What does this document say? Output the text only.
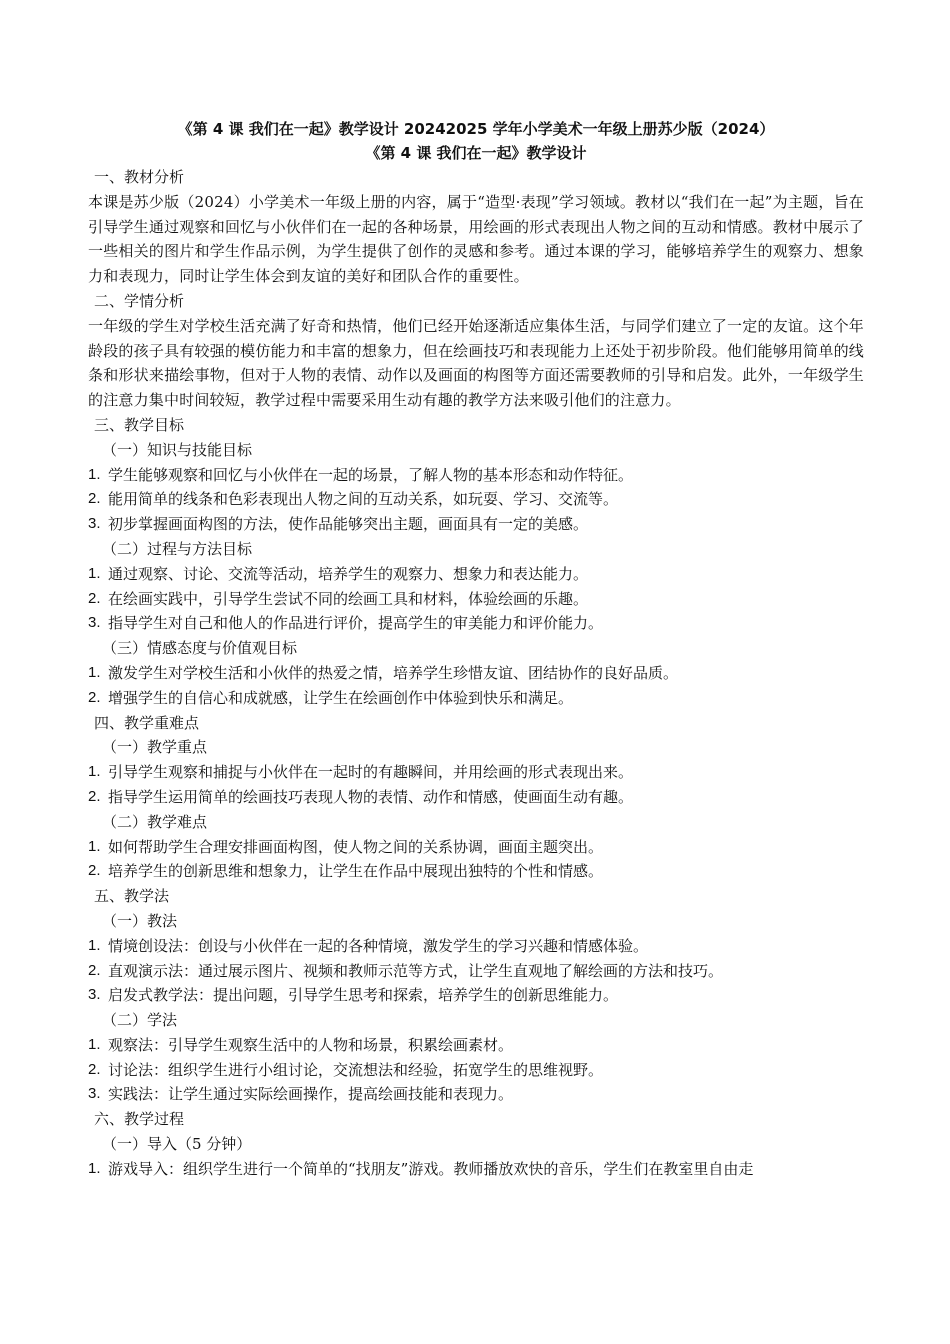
《第 4 课 我们在一起》教学设计 20242025 学年小学美术一年级上册苏少版（2024）
《第 4 课 我们在一起》教学设计
一、教材分析
本课是苏少版（2024）小学美术一年级上册的内容，属于“造型·表现”学习领域。教材以“我们在一起”为主题，旨在引导学生通过观察和回忆与小伙伴们在一起的各种场景，用绘画的形式表现出人物之间的互动和情感。教材中展示了一些相关的图片和学生作品示例，为学生提供了创作的灵感和参考。通过本课的学习，能够培养学生的观察力、想象力和表现力，同时让学生体会到友谊的美好和团队合作的重要性。
二、学情分析
一年级的学生对学校生活充满了好奇和热情，他们已经开始逐渐适应集体生活，与同学们建立了一定的友谊。这个年龄段的孩子具有较强的模仿能力和丰富的想象力，但在绘画技巧和表现能力上还处于初步阶段。他们能够用简单的线条和形状来描绘事物，但对于人物的表情、动作以及画面的构图等方面还需要教师的引导和启发。此外，一年级学生的注意力集中时间较短，教学过程中需要采用生动有趣的教学方法来吸引他们的注意力。
三、教学目标
（一）知识与技能目标
1. 学生能够观察和回忆与小伙伴在一起的场景，了解人物的基本形态和动作特征。
2. 能用简单的线条和色彩表现出人物之间的互动关系，如玩耍、学习、交流等。
3. 初步掌握画面构图的方法，使作品能够突出主题，画面具有一定的美感。
（二）过程与方法目标
1. 通过观察、讨论、交流等活动，培养学生的观察力、想象力和表达能力。
2. 在绘画实践中，引导学生尝试不同的绘画工具和材料，体验绘画的乐趣。
3. 指导学生对自己和他人的作品进行评价，提高学生的审美能力和评价能力。
（三）情感态度与价值观目标
1. 激发学生对学校生活和小伙伴的热爱之情，培养学生珍惜友谊、团结协作的良好品质。
2. 增强学生的自信心和成就感，让学生在绘画创作中体验到快乐和满足。
四、教学重难点
（一）教学重点
1. 引导学生观察和捕捉与小伙伴在一起时的有趣瞬间，并用绘画的形式表现出来。
2. 指导学生运用简单的绘画技巧表现人物的表情、动作和情感，使画面生动有趣。
（二）教学难点
1. 如何帮助学生合理安排画面构图，使人物之间的关系协调，画面主题突出。
2. 培养学生的创新思维和想象力，让学生在作品中展现出独特的个性和情感。
五、教学法
（一）教法
1. 情境创设法：创设与小伙伴在一起的各种情境，激发学生的学习兴趣和情感体验。
2. 直观演示法：通过展示图片、视频和教师示范等方式，让学生直观地了解绘画的方法和技巧。
3. 启发式教学法：提出问题，引导学生思考和探索，培养学生的创新思维能力。
（二）学法
1. 观察法：引导学生观察生活中的人物和场景，积累绘画素材。
2. 讨论法：组织学生进行小组讨论，交流想法和经验，拓宽学生的思维视野。
3. 实践法：让学生通过实际绘画操作，提高绘画技能和表现力。
六、教学过程
（一）导入（5 分钟）
1. 游戏导入：组织学生进行一个简单的“找朋友”游戏。教师播放欢快的音乐，学生们在教室里自由走
